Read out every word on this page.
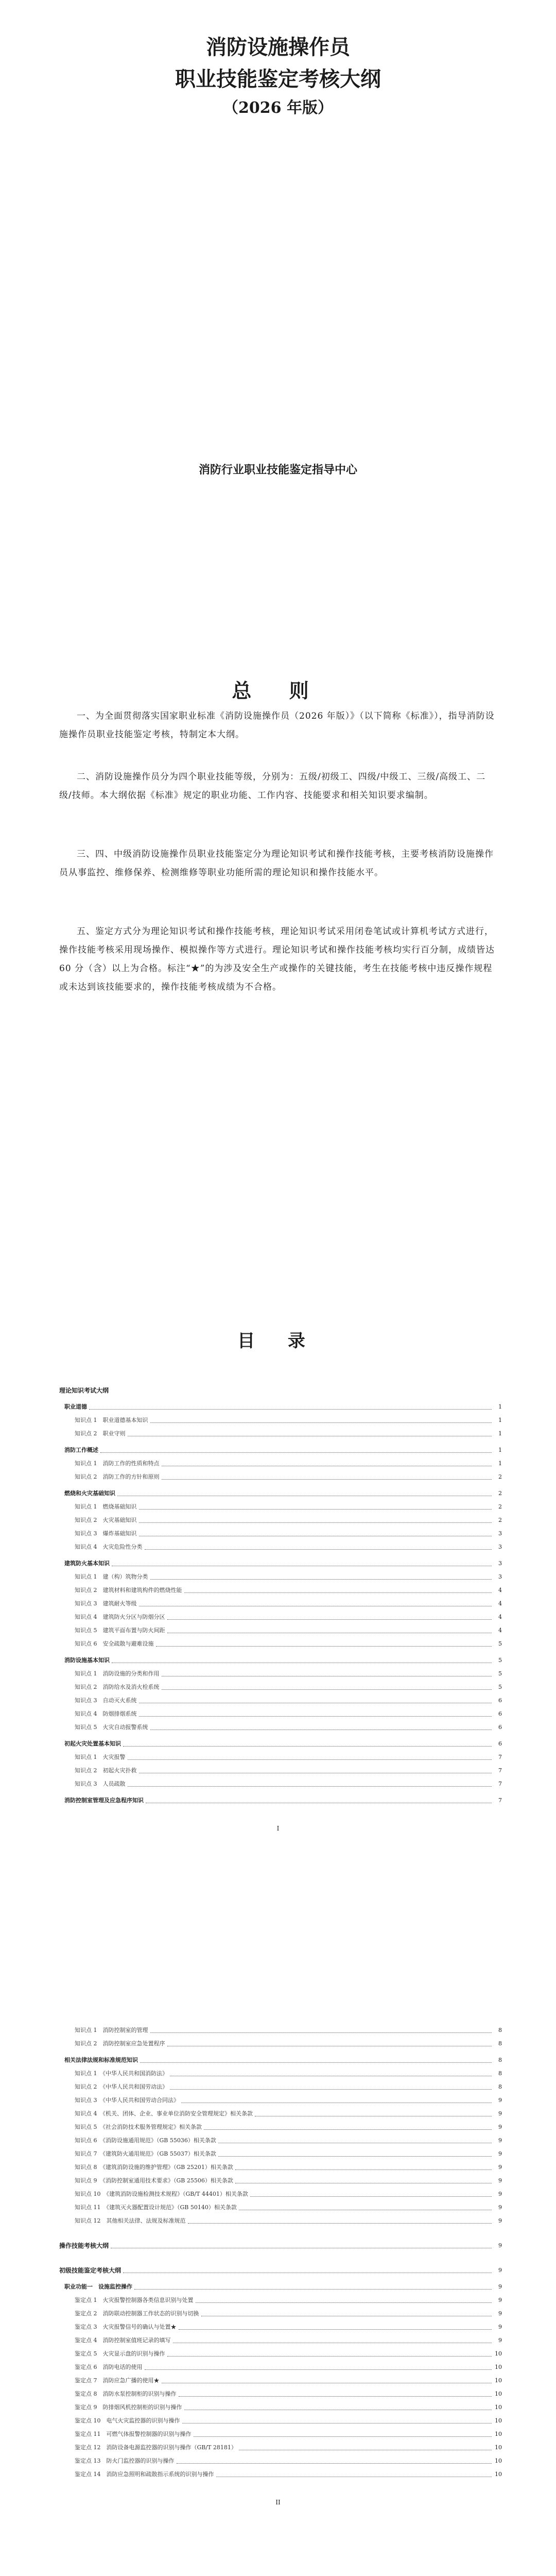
消防设施操作员
职业技能鉴定考核大纲
（2026 年版）
消防行业职业技能鉴定指导中心
总 则

一、为全面贯彻落实国家职业标准《消防设施操作员（2026 年版）》（以下简称《标准》），指导消防设施操作员职业技能鉴定考核，特制定本大纲。

二、消防设施操作员分为四个职业技能等级，分别为：五级/初级工、四级/中级工、三级/高级工、二级/技师。本大纲依据《标准》规定的职业功能、工作内容、技能要求和相关知识要求编制。

三、四、中级消防设施操作员职业技能鉴定分为理论知识考试和操作技能考核，主要考核消防设施操作员从事监控、维修保养、检测维修等职业功能所需的理论知识和操作技能水平。

五、鉴定方式分为理论知识考试和操作技能考核，理论知识考试采用闭卷笔试或计算机考试方式进行，操作技能考核采用现场操作、模拟操作等方式进行。理论知识考试和操作技能考核均实行百分制，成绩皆达 60 分（含）以上为合格。标注“★”的为涉及安全生产或操作的关键技能，考生在技能考核中违反操作规程或未达到该技能要求的，操作技能考核成绩为不合格。

目 录
理论知识考试大纲
职业道德	1
知识点 1　职业道德基本知识	1
知识点 2　职业守则	1
消防工作概述	1
知识点 1　消防工作的性质和特点	1
知识点 2　消防工作的方针和原则	2
燃烧和火灾基础知识	2
知识点 1　燃烧基础知识	2
知识点 2　火灾基础知识	2
知识点 3　爆炸基础知识	3
知识点 4　火灾危险性分类	3
建筑防火基本知识	3
知识点 1　建（构）筑物分类	3
知识点 2　建筑材料和建筑构件的燃烧性能	4
知识点 3　建筑耐火等级	4
知识点 4　建筑防火分区与防烟分区	4
知识点 5　建筑平面布置与防火间距	4
知识点 6　安全疏散与避难设施	5
消防设施基本知识	5
知识点 1　消防设施的分类和作用	5
知识点 2　消防给水及消火栓系统	5
知识点 3　自动灭火系统	6
知识点 4　防烟排烟系统	6
知识点 5　火灾自动报警系统	6
初起火灾处置基本知识	6
知识点 1　火灾报警	7
知识点 2　初起火灾扑救	7
知识点 3　人员疏散	7
消防控制室管理及应急程序知识	7
I
知识点 1　消防控制室的管理	8
知识点 2　消防控制室应急处置程序	8
相关法律法规和标准规范知识	8
知识点 1　《中华人民共和国消防法》	8
知识点 2　《中华人民共和国劳动法》	8
知识点 3　《中华人民共和国劳动合同法》	9
知识点 4　《机关、团体、企业、事业单位消防安全管理规定》相关条款	9
知识点 5　《社会消防技术服务管理规定》相关条款	9
知识点 6　《消防设施通用规范》（GB 55036）相关条款	9
知识点 7　《建筑防火通用规范》（GB 55037）相关条款	9
知识点 8　《建筑消防设施的维护管理》（GB 25201）相关条款	9
知识点 9　《消防控制室通用技术要求》（GB 25506）相关条款	9
知识点 10　《建筑消防设施检测技术规程》（GB/T 44401）相关条款	9
知识点 11　《建筑灭火器配置设计规范》（GB 50140）相关条款	9
知识点 12　其他相关法律、法规及标准规范	9
操作技能考核大纲	9
初级技能鉴定考核大纲	9
职业功能一　设施监控操作	9
鉴定点 1　火灾报警控制器各类信息识别与处置	9
鉴定点 2　消防联动控制器工作状态的识别与切换	9
鉴定点 3　火灾报警信号的确认与处置★	9
鉴定点 4　消防控制室值班记录的填写	9
鉴定点 5　火灾显示盘的识别与操作	10
鉴定点 6　消防电话的使用	10
鉴定点 7　消防应急广播的使用★	10
鉴定点 8　消防水泵控制柜的识别与操作	10
鉴定点 9　防排烟风机控制柜的识别与操作	10
鉴定点 10　电气火灾监控器的识别与操作	10
鉴定点 11　可燃气体报警控制器的识别与操作	10
鉴定点 12　消防设备电源监控器的识别与操作（GB/T 28181）	10
鉴定点 13　防火门监控器的识别与操作	10
鉴定点 14　消防应急照明和疏散指示系统的识别与操作	10
II
